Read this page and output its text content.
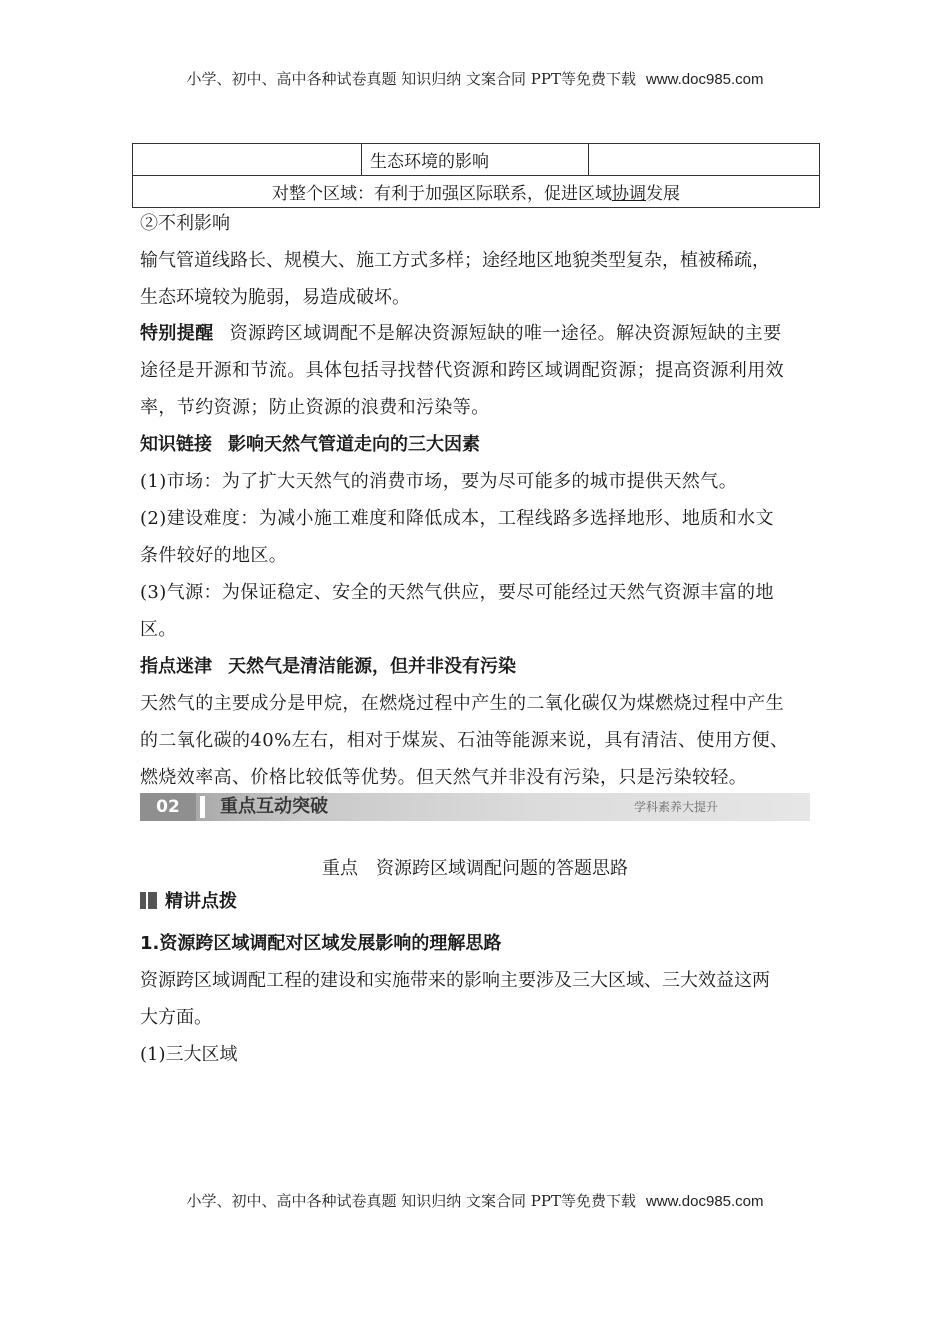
小学、初中、高中各种试卷真题 知识归纳 文案合同 PPT等免费下载 www.doc985.com
	生态环境的影响	
对整个区域：有利于加强区际联系，促进区域协调发展

②不利影响

输气管道线路长、规模大、施工方式多样；途经地区地貌类型复杂，植被稀疏，

生态环境较为脆弱，易造成破坏。

特别提醒 资源跨区域调配不是解决资源短缺的唯一途径。解决资源短缺的主要

途径是开源和节流。具体包括寻找替代资源和跨区域调配资源；提高资源利用效

率，节约资源；防止资源的浪费和污染等。

知识链接 影响天然气管道走向的三大因素

(1)市场：为了扩大天然气的消费市场，要为尽可能多的城市提供天然气。

(2)建设难度：为减小施工难度和降低成本，工程线路多选择地形、地质和水文

条件较好的地区。

(3)气源：为保证稳定、安全的天然气供应，要尽可能经过天然气资源丰富的地

区。

指点迷津 天然气是清洁能源，但并非没有污染

天然气的主要成分是甲烷，在燃烧过程中产生的二氧化碳仅为煤燃烧过程中产生

的二氧化碳的40%左右，相对于煤炭、石油等能源来说，具有清洁、使用方便、

燃烧效率高、价格比较低等优势。但天然气并非没有污染，只是污染较轻。

02	重点互动突破	学科素养大提升
重点 资源跨区域调配问题的答题思路
精讲点拨

1.资源跨区域调配对区域发展影响的理解思路

资源跨区域调配工程的建设和实施带来的影响主要涉及三大区域、三大效益这两

大方面。

(1)三大区域

小学、初中、高中各种试卷真题 知识归纳 文案合同 PPT等免费下载 www.doc985.com
